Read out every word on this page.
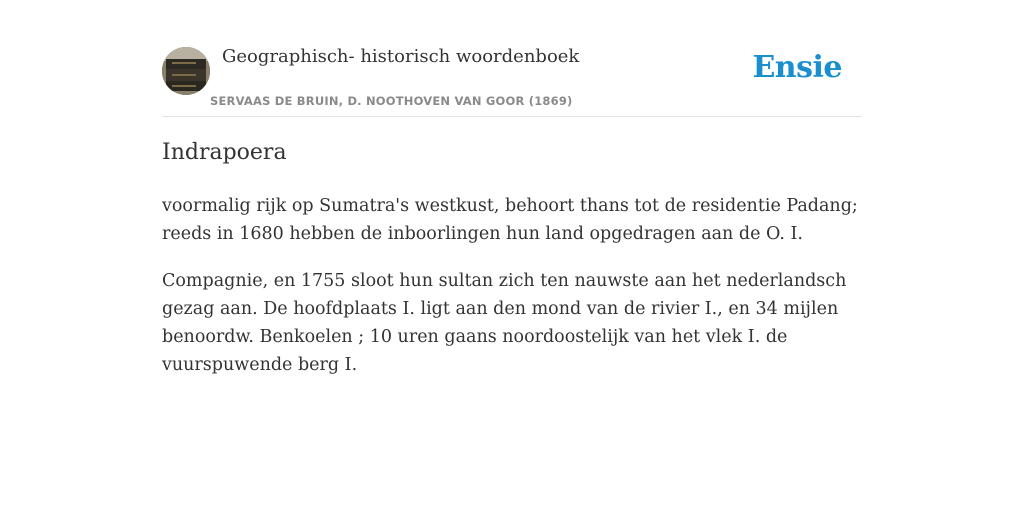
Geographisch- historisch woordenboek
SERVAAS DE BRUIN, D. NOOTHOVEN VAN GOOR (1869)
Ensie
Indrapoera

voormalig rijk op Sumatra's westkust, behoort thans tot de residentie Padang; reeds in 1680 hebben de inboorlingen hun land opgedragen aan de O. I.

Compagnie, en 1755 sloot hun sultan zich ten nauwste aan het nederlandsch gezag aan. De hoofdplaats I. ligt aan den mond van de rivier I., en 34 mijlen benoordw. Benkoelen ; 10 uren gaans noordoostelijk van het vlek I. de vuurspuwende berg I.
